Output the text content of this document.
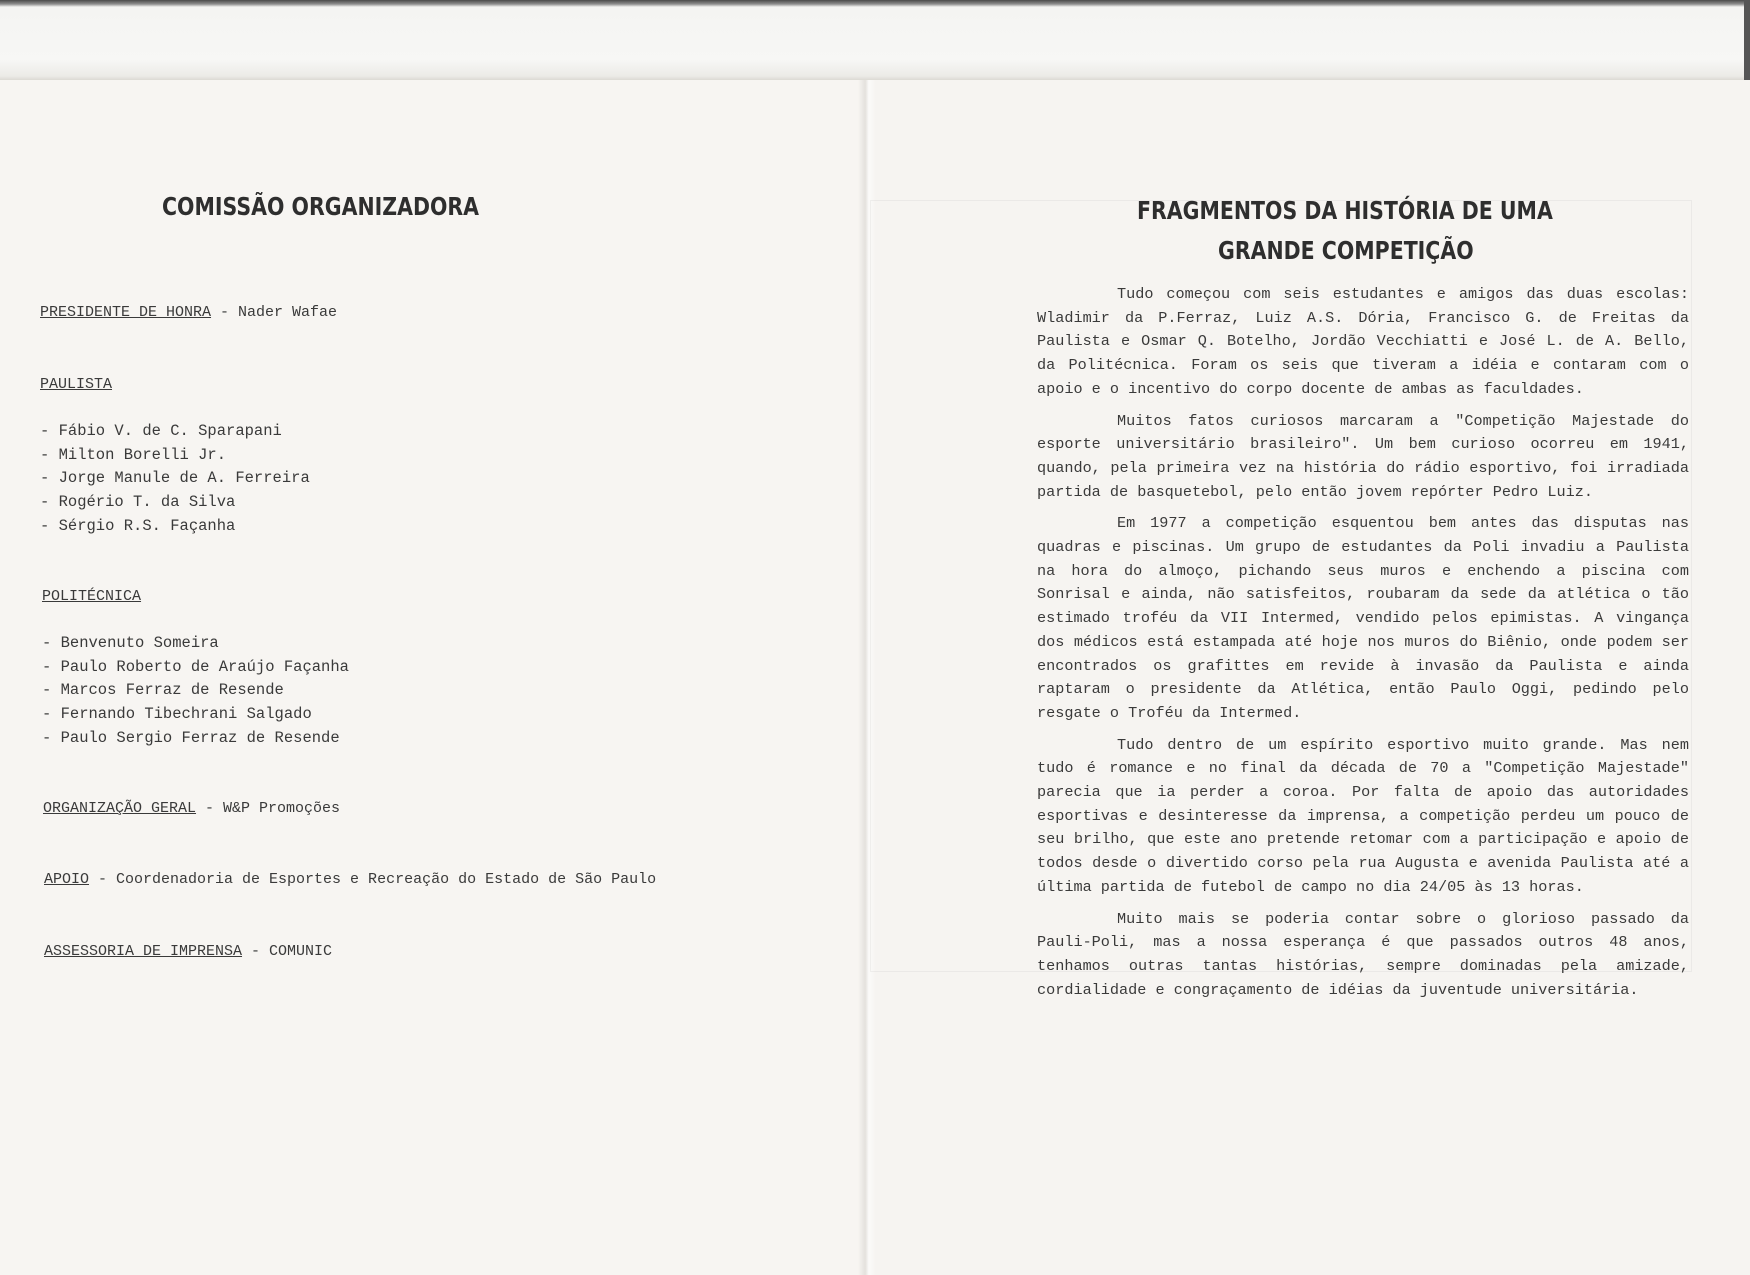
COMISSÃO ORGANIZADORA
PRESIDENTE DE HONRA - Nader Wafae
PAULISTA
- Fábio V. de C. Sparapani
- Milton Borelli Jr.
- Jorge Manule de A. Ferreira
- Rogério T. da Silva
- Sérgio R.S. Façanha
POLITÉCNICA
- Benvenuto Someira
- Paulo Roberto de Araújo Façanha
- Marcos Ferraz de Resende
- Fernando Tibechrani Salgado
- Paulo Sergio Ferraz de Resende
ORGANIZAÇÃO GERAL - W&P Promoções
APOIO - Coordenadoria de Esportes e Recreação do Estado de São Paulo
ASSESSORIA DE IMPRENSA - COMUNIC
FRAGMENTOS DA HISTÓRIA DE UMA
GRANDE COMPETIÇÃO

Tudo começou com seis estudantes e amigos das duas escolas: Wladimir da P.Ferraz, Luiz A.S. Dória, Francisco G. de Freitas da Paulista e Osmar Q. Botelho, Jordão Vecchiatti e José L. de A. Bello, da Politécnica. Foram os seis que tiveram a idéia e contaram com o apoio e o incentivo do corpo docente de ambas as faculdades.

Muitos fatos curiosos marcaram a "Competição Majestade do esporte universitário brasileiro". Um bem curioso ocorreu em 1941, quando, pela primeira vez na história do rádio esportivo, foi irradiada partida de basquetebol, pelo então jovem repórter Pedro Luiz.

Em 1977 a competição esquentou bem antes das disputas nas quadras e piscinas. Um grupo de estudantes da Poli invadiu a Paulista na hora do almoço, pichando seus muros e enchendo a piscina com Sonrisal e ainda, não satisfeitos, roubaram da sede da atlética o tão estimado troféu da VII Intermed, vendido pelos epimistas. A vingança dos médicos está estampada até hoje nos muros do Biênio, onde podem ser encontrados os grafittes em revide à invasão da Paulista e ainda raptaram o presidente da Atlética, então Paulo Oggi, pedindo pelo resgate o Troféu da Intermed.

Tudo dentro de um espírito esportivo muito grande. Mas nem tudo é romance e no final da década de 70 a "Competição Majestade" parecia que ia perder a coroa. Por falta de apoio das autoridades esportivas e desinteresse da imprensa, a competição perdeu um pouco de seu brilho, que este ano pretende retomar com a participação e apoio de todos desde o divertido corso pela rua Augusta e avenida Paulista até a última partida de futebol de campo no dia 24/05 às 13 horas.

Muito mais se poderia contar sobre o glorioso passado da Pauli-Poli, mas a nossa esperança é que passados outros 48 anos, tenhamos outras tantas histórias, sempre dominadas pela amizade, cordialidade e congraçamento de idéias da juventude universitária.
